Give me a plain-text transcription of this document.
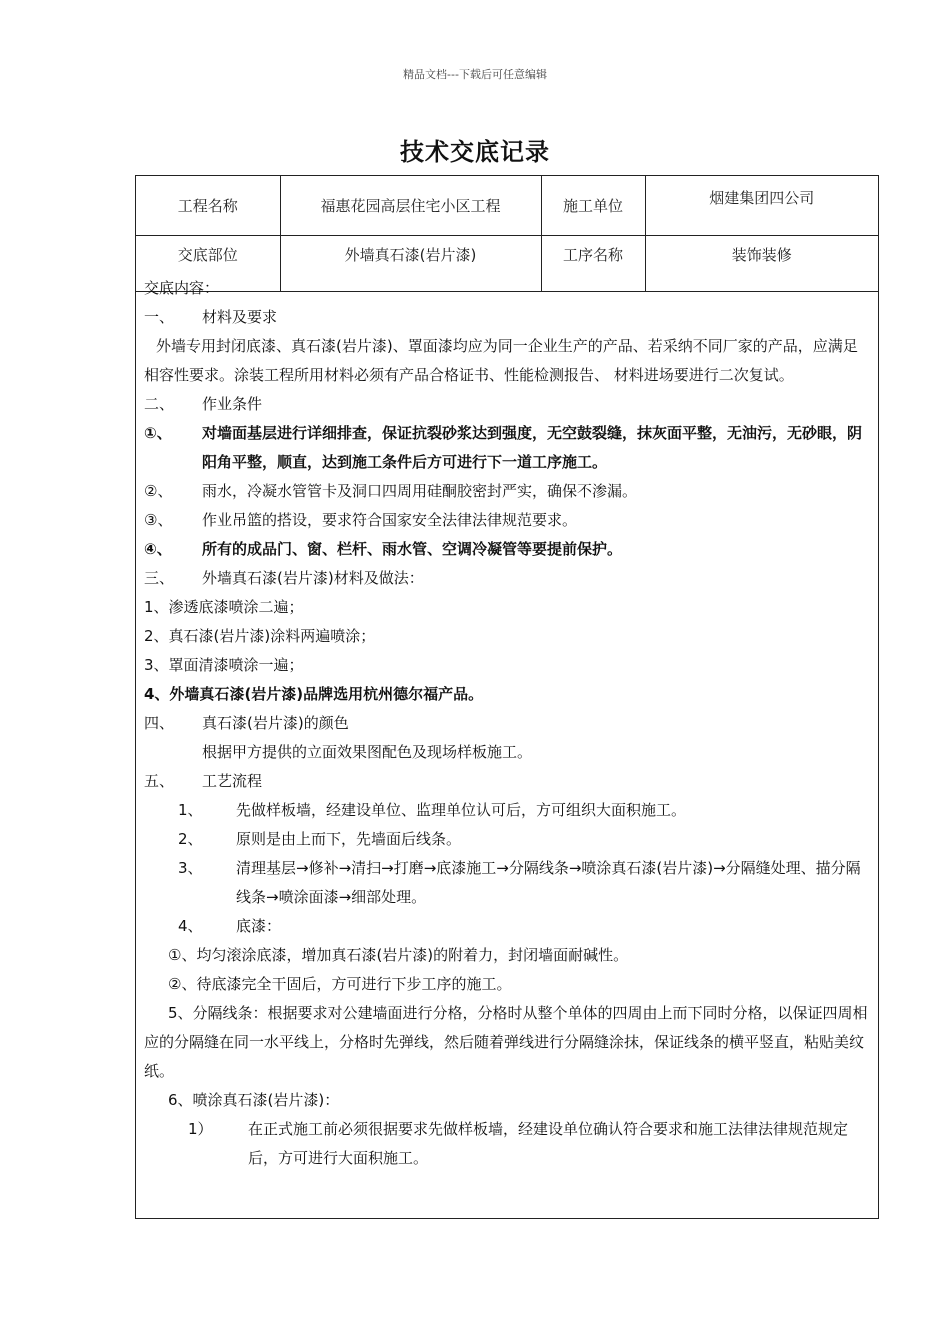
精品文档---下载后可任意编辑
技术交底记录
工程名称	福惠花园高层住宅小区工程	施工单位	烟建集团四公司
交底部位	外墙真石漆(岩片漆)	工序名称	装饰装修
交底内容：
一、 材料及要求
外墙专用封闭底漆、真石漆(岩片漆)、罩面漆均应为同一企业生产的产品、若采纳不同厂家的产品，应满足相容性要求。涂装工程所用材料必须有产品合格证书、性能检测报告、 材料进场要进行二次复试。
二、 作业条件
①、	对墙面基层进行详细排查，保证抗裂砂浆达到强度，无空鼓裂缝，抹灰面平整，无油污，无砂眼，阴阳角平整，顺直，达到施工条件后方可进行下一道工序施工。
②、	雨水，冷凝水管管卡及洞口四周用硅酮胶密封严实，确保不渗漏。
③、	作业吊篮的搭设，要求符合国家安全法律法律规范要求。
④、	所有的成品门、窗、栏杆、雨水管、空调冷凝管等要提前保护。
三、 外墙真石漆(岩片漆)材料及做法：
1、渗透底漆喷涂二遍；
2、真石漆(岩片漆)涂料两遍喷涂；
3、罩面清漆喷涂一遍；
4、外墙真石漆(岩片漆)品牌选用杭州德尔福产品。
四、 真石漆(岩片漆)的颜色
根据甲方提供的立面效果图配色及现场样板施工。
五、 工艺流程
1、	先做样板墙，经建设单位、监理单位认可后，方可组织大面积施工。
2、	原则是由上而下，先墙面后线条。
3、	清理基层→修补→清扫→打磨→底漆施工→分隔线条→喷涂真石漆(岩片漆)→分隔缝处理、描分隔线条→喷涂面漆→细部处理。
4、	底漆：
①、均匀滚涂底漆，增加真石漆(岩片漆)的附着力，封闭墙面耐碱性。
②、待底漆完全干固后，方可进行下步工序的施工。
5、分隔线条：根据要求对公建墙面进行分格，分格时从整个单体的四周由上而下同时分格，以保证四周相应的分隔缝在同一水平线上，分格时先弹线，然后随着弹线进行分隔缝涂抹，保证线条的横平竖直，粘贴美纹纸。
6、喷涂真石漆(岩片漆)：
1）	在正式施工前必须很据要求先做样板墙，经建设单位确认符合要求和施工法律法律规范规定后，方可进行大面积施工。
